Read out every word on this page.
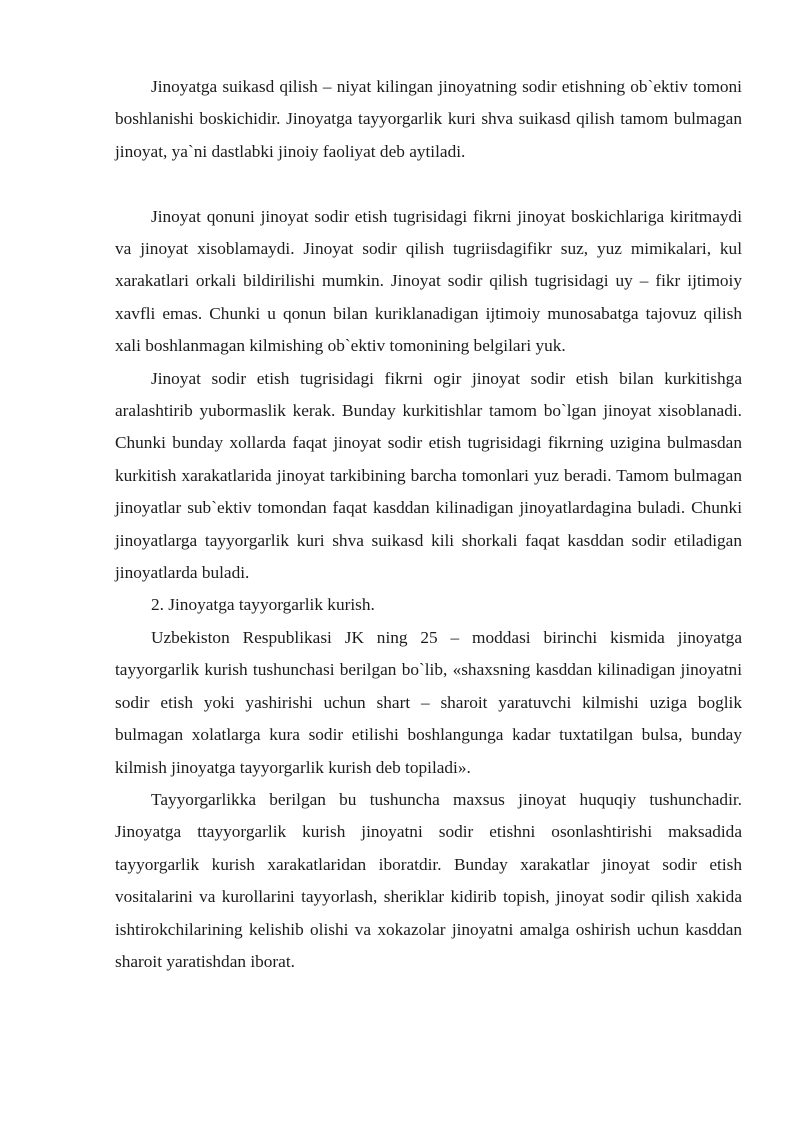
Jinoyatga suikasd qilish – niyat kilingan jinoyatning sodir etishning ob`ektiv tomoni boshlanishi boskichidir. Jinoyatga tayyorgarlik kuri shva suikasd qilish tamom bulmagan jinoyat, ya`ni dastlabki jinoiy faoliyat deb aytiladi.

Jinoyat qonuni jinoyat sodir etish tugrisidagi fikrni jinoyat boskichlariga kiritmaydi va jinoyat xisoblamaydi. Jinoyat sodir qilish tugriisdagifikr suz, yuz mimikalari, kul xarakatlari orkali bildirilishi mumkin. Jinoyat sodir qilish tugrisidagi uy – fikr ijtimoiy xavfli emas. Chunki u qonun bilan kuriklanadigan ijtimoiy munosabatga tajovuz qilish xali boshlanmagan kilmishing ob`ektiv tomonining belgilari yuk.

Jinoyat sodir etish tugrisidagi fikrni ogir jinoyat sodir etish bilan kurkitishga aralashtirib yubormaslik kerak. Bunday kurkitishlar tamom bo`lgan jinoyat xisoblanadi. Chunki bunday xollarda faqat jinoyat sodir etish tugrisidagi fikrning uzigina bulmasdan kurkitish xarakatlarida jinoyat tarkibining barcha tomonlari yuz beradi. Tamom bulmagan jinoyatlar sub`ektiv tomondan faqat kasddan kilinadigan jinoyatlardagina buladi. Chunki jinoyatlarga tayyorgarlik kuri shva suikasd kili shorkali faqat kasddan sodir etiladigan jinoyatlarda buladi.

2. Jinoyatga tayyorgarlik kurish.

Uzbekiston Respublikasi JK ning 25 – moddasi birinchi kismida jinoyatga tayyorgarlik kurish tushunchasi berilgan bo`lib, «shaxsning kasddan kilinadigan jinoyatni sodir etish yoki yashirishi uchun shart – sharoit yaratuvchi kilmishi uziga boglik bulmagan xolatlarga kura sodir etilishi boshlangunga kadar tuxtatilgan bulsa, bunday kilmish jinoyatga tayyorgarlik kurish deb topiladi».

Tayyorgarlikka berilgan bu tushuncha maxsus jinoyat huquqiy tushunchadir. Jinoyatga ttayyorgarlik kurish jinoyatni sodir etishni osonlashtirishi maksadida tayyorgarlik kurish xarakatlaridan iboratdir. Bunday xarakatlar jinoyat sodir etish vositalarini va kurollarini tayyorlash, sheriklar kidirib topish, jinoyat sodir qilish xakida ishtirokchilarining kelishib olishi va xokazolar jinoyatni amalga oshirish uchun kasddan sharoit yaratishdan iborat.
